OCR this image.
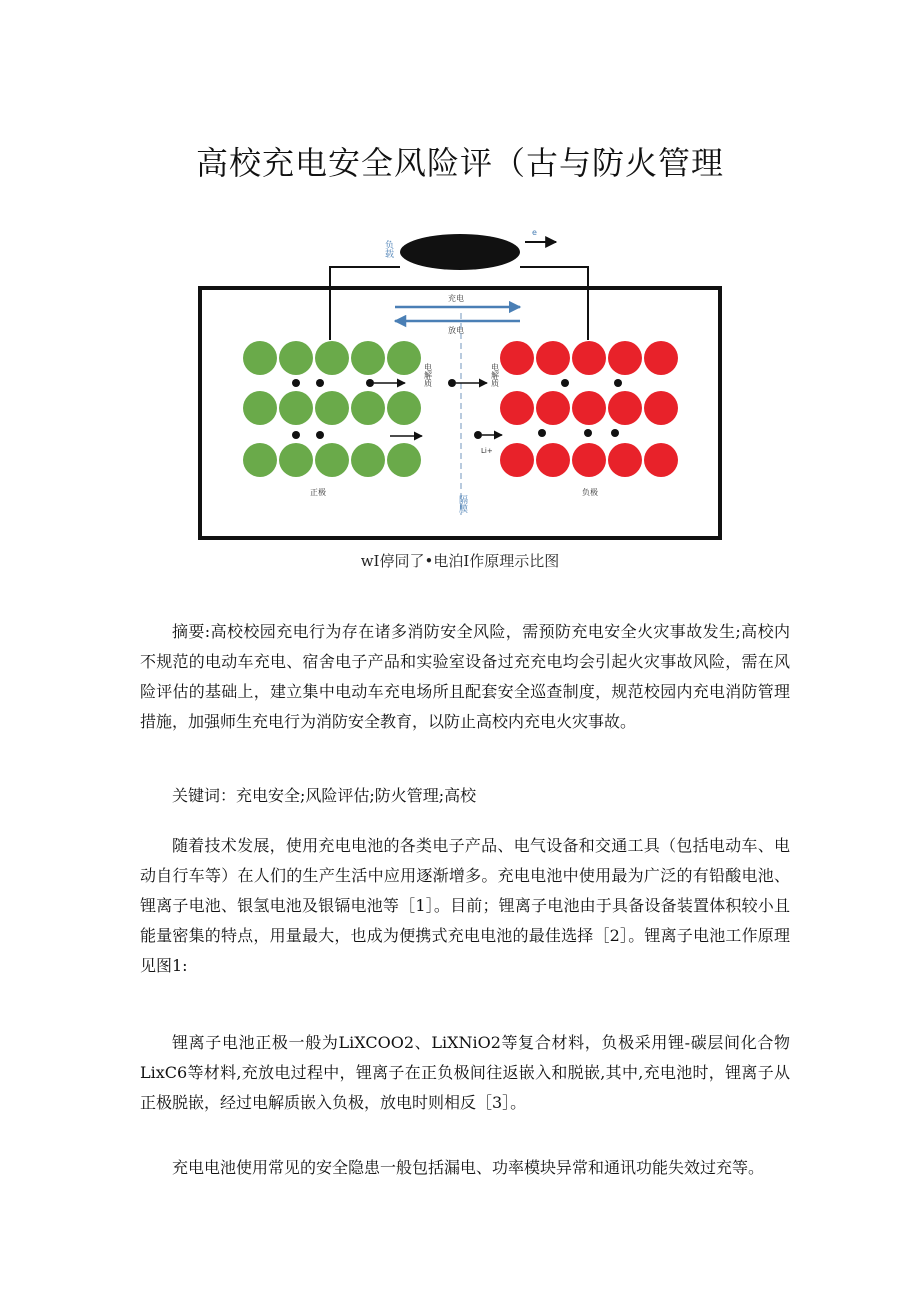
高校充电安全风险评（古与防火管理
负载
e
充电
放电
隔膜
电解质	电解质
Li+
正极	负极
wI停同了•电泊I作原理示比图

摘要:高校校园充电行为存在诸多消防安全风险，需预防充电安全火灾事故发生;高校内不规范的电动车充电、宿舍电子产品和实验室设备过充充电均会引起火灾事故风险，需在风险评估的基础上，建立集中电动车充电场所且配套安全巡查制度，规范校园内充电消防管理措施，加强师生充电行为消防安全教育，以防止高校内充电火灾事故。

关键词：充电安全;风险评估;防火管理;高校

随着技术发展，使用充电电池的各类电子产品、电气设备和交通工具（包括电动车、电动自行车等）在人们的生产生活中应用逐渐增多。充电电池中使用最为广泛的有铅酸电池、锂离子电池、银氢电池及银镉电池等［1］。目前；锂离子电池由于具备设备装置体积较小且能量密集的特点，用量最大，也成为便携式充电电池的最佳选择［2］。锂离子电池工作原理见图1:

锂离子电池正极一般为LiXCOO2、LiXNiO2等复合材料，负极采用锂-碳层间化合物LixC6等材料,充放电过程中，锂离子在正负极间往返嵌入和脱嵌,其中,充电池时，锂离子从正极脱嵌，经过电解质嵌入负极，放电时则相反［3］。

充电电池使用常见的安全隐患一般包括漏电、功率模块异常和通讯功能失效过充等。
